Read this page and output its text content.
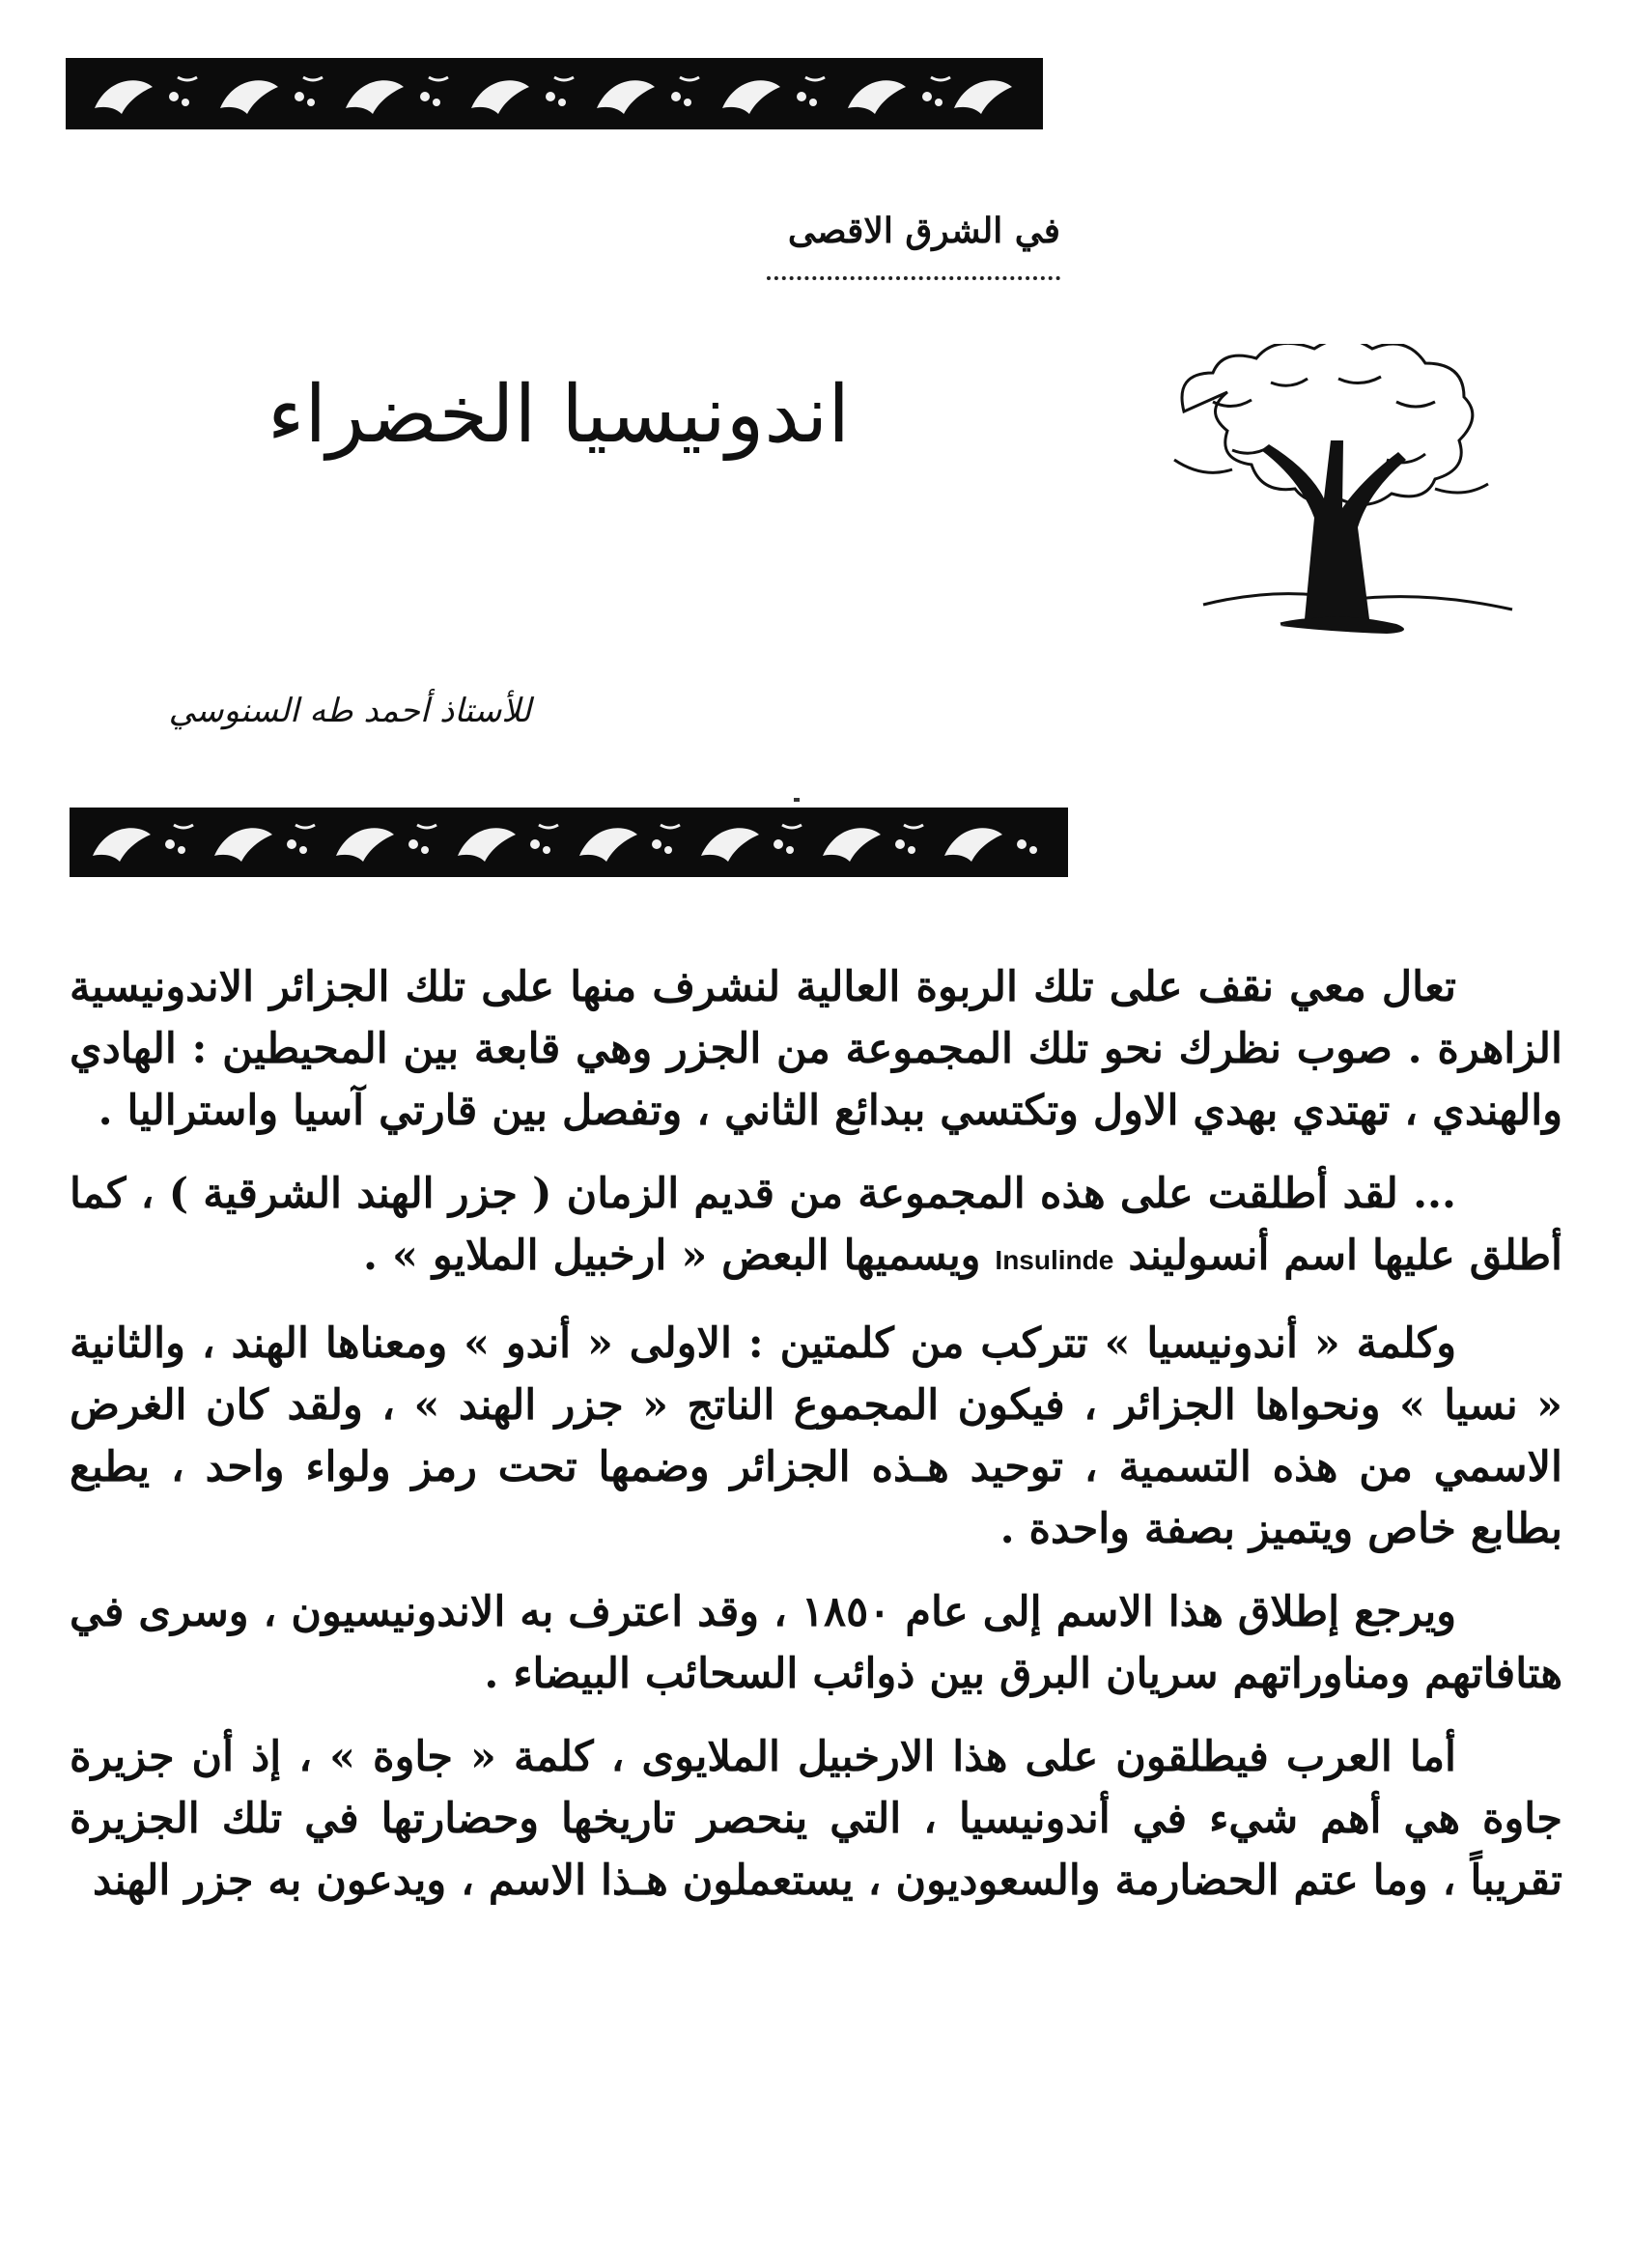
في الشرق الاقصى
اندونيسيا الخضراء
للأستاذ أحمد طه السنوسي

تعال معي نقف على تلك الربوة العالية لنشرف منها على تلك الجزائر الاندونيسية الزاهرة . صوب نظرك نحو تلك المجموعة من الجزر وهي قابعة بين المحيطين : الهادي والهندي ، تهتدي بهدي الاول وتكتسي ببدائع الثاني ، وتفصل بين قارتي آسيا واستراليا .

... لقد أطلقت على هذه المجموعة من قديم الزمان ( جزر الهند الشرقية ) ، كما أطلق عليها اسم أنسوليند Insulinde ويسميها البعض « ارخبيل الملايو » .

وكلمة « أندونيسيا » تتركب من كلمتين : الاولى « أندو » ومعناها الهند ، والثانية « نسيا » ونحواها الجزائر ، فيكون المجموع الناتج « جزر الهند » ، ولقد كان الغرض الاسمي من هذه التسمية ، توحيد هـذه الجزائر وضمها تحت رمز ولواء واحد ، يطبع بطابع خاص ويتميز بصفة واحدة .

ويرجع إطلاق هذا الاسم إلى عام ١٨٥٠ ، وقد اعترف به الاندونيسيون ، وسرى في هتافاتهم ومناوراتهم سريان البرق بين ذوائب السحائب البيضاء .

أما العرب فيطلقون على هذا الارخبيل الملايوى ، كلمة « جاوة » ، إذ أن جزيرة جاوة هي أهم شيء في أندونيسيا ، التي ينحصر تاريخها وحضارتها في تلك الجزيرة تقريباً ، وما عتم الحضارمة والسعوديون ، يستعملون هـذا الاسم ، ويدعون به جزر الهند
